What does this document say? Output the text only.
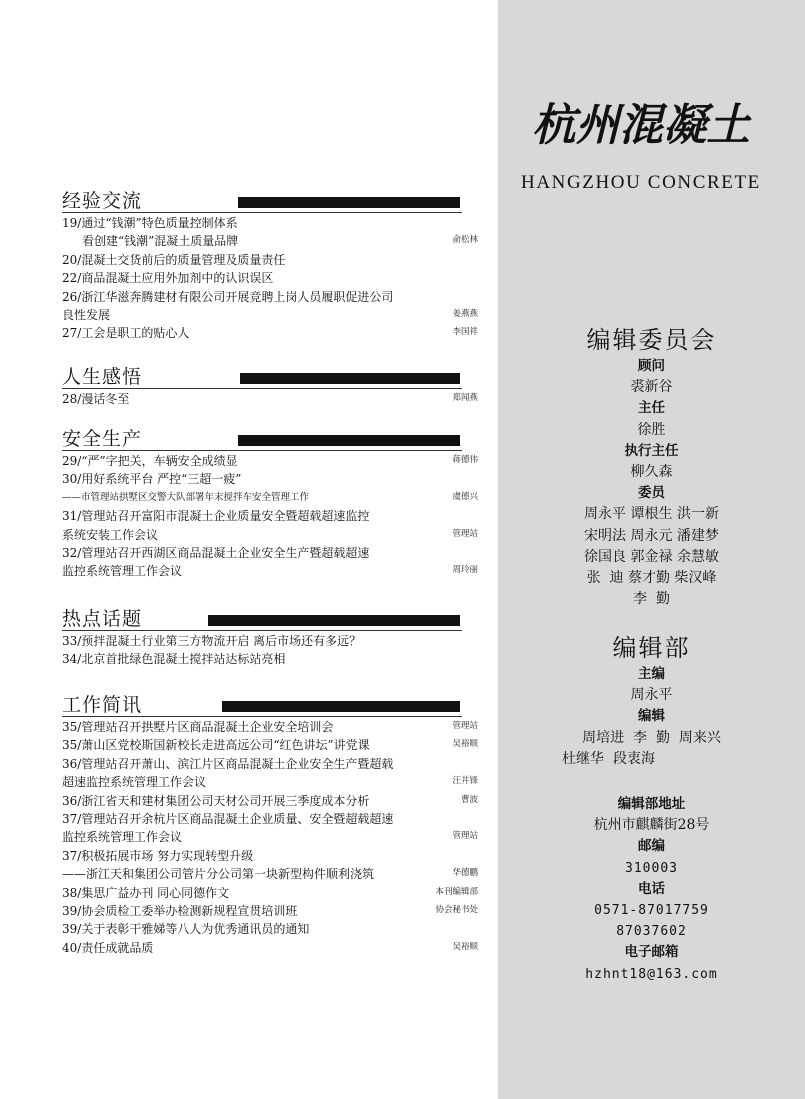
经验交流
19/通过“钱潮”特色质量控制体系
看创建“钱潮”混凝土质量品牌	俞松林
20/混凝土交货前后的质量管理及质量责任
22/商品混凝土应用外加剂中的认识误区
26/浙江华滋奔腾建材有限公司开展竞聘上岗人员履职促进公司
良性发展	姜燕燕
27/工会是职工的贴心人	李国祥
人生感悟
28/漫话冬至	郑闻燕
安全生产
29/“严”字把关，车辆安全成绩显	蒋德伟
30/用好系统平台 严控“三超一疲”
——市管理站拱墅区交警大队部署年末搅拌车安全管理工作	虞德兴
31/管理站召开富阳市混凝土企业质量安全暨超载超速监控
系统安装工作会议	管理站
32/管理站召开西湖区商品混凝土企业安全生产暨超载超速
监控系统管理工作会议	周玲丽
热点话题
33/预拌混凝土行业第三方物流开启 离后市场还有多远？
34/北京首批绿色混凝土搅拌站达标站亮相
工作简讯
35/管理站召开拱墅片区商品混凝土企业安全培训会	管理站
35/萧山区党校斯国新校长走进高远公司“红色讲坛”讲党课	吴裕顺
36/管理站召开萧山、滨江片区商品混凝土企业安全生产暨超载
超速监控系统管理工作会议	汪井锋
36/浙江省天和建材集团公司天材公司开展三季度成本分析	曹波
37/管理站召开余杭片区商品混凝土企业质量、安全暨超载超速
监控系统管理工作会议	管理站
37/积极拓展市场 努力实现转型升级
——浙江天和集团公司管片分公司第一块新型构件顺利浇筑	华德鹏
38/集思广益办刊 同心同德作文	本刊编辑部
39/协会质检工委举办检测新规程宣贯培训班	协会秘书处
39/关于表彰干雅娣等八人为优秀通讯员的通知
40/责任成就品质	吴裕顺
杭州混凝土
HANGZHOU CONCRETE
编辑委员会
顾问
裘新谷
主任
徐胜
执行主任
柳久森
委员
周永平 谭根生 洪一新
宋明法 周永元 潘建梦
徐国良 郭金禄 余慧敏
张  迪 蔡才勤 柴汉峰
李  勤
编辑部
主编
周永平
编辑
周培进  李  勤  周来兴
杜继华  段衷海
编辑部地址
杭州市麒麟街28号
邮编
310003
电话
0571-87017759
87037602
电子邮箱
hzhnt18@163.com
